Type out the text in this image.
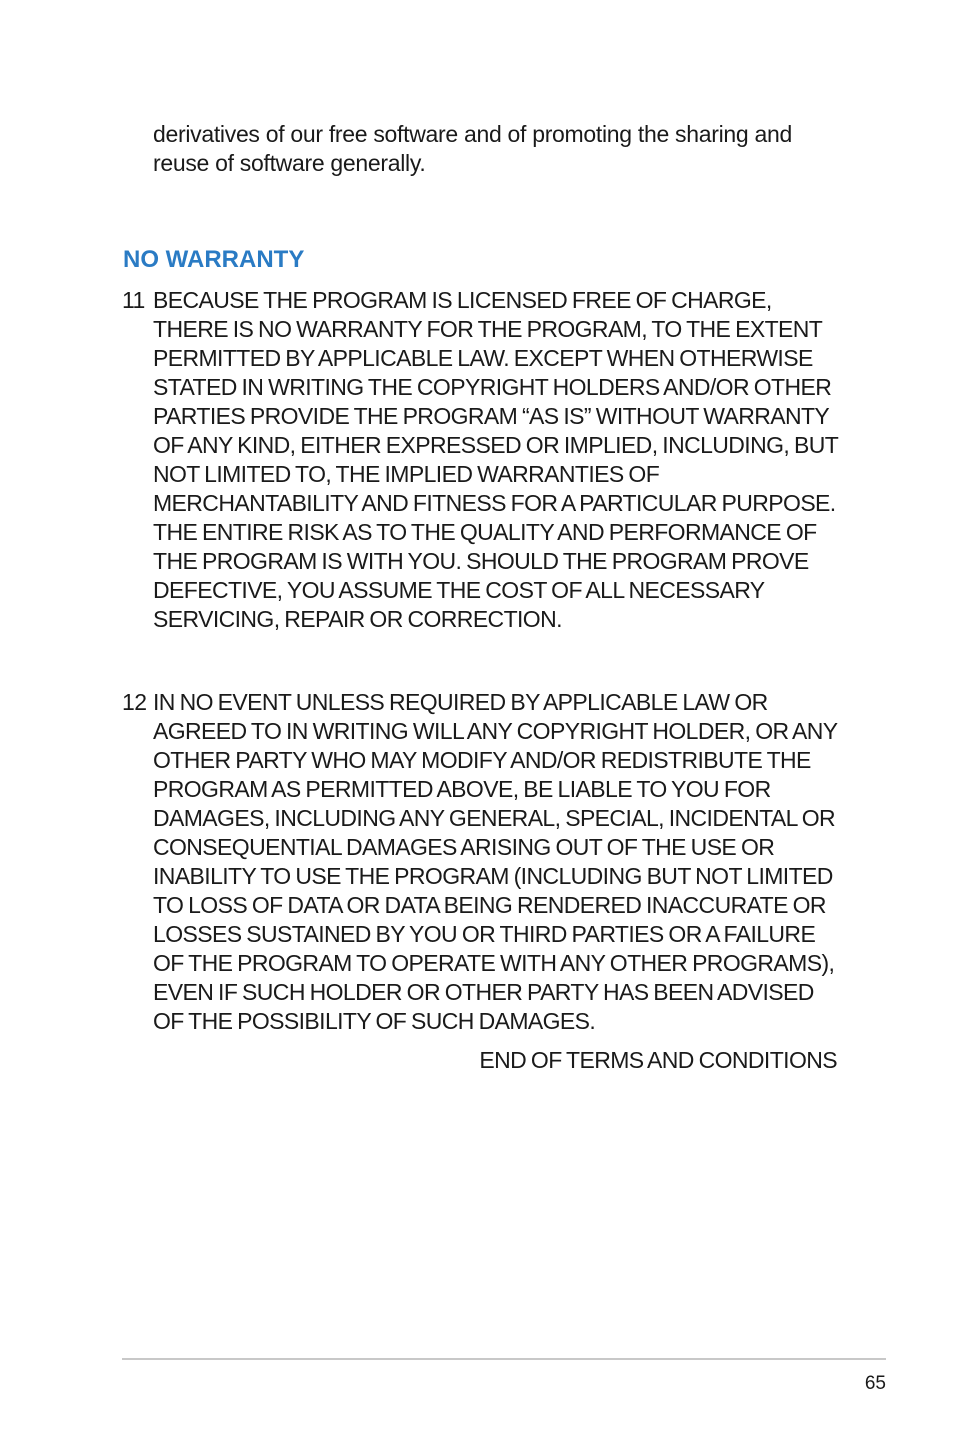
derivatives of our free software and of promoting the sharing and reuse of software generally.

NO WARRANTY
11 BECAUSE THE PROGRAM IS LICENSED FREE OF CHARGE, THERE IS NO WARRANTY FOR THE PROGRAM, TO THE EXTENT PERMITTED BY APPLICABLE LAW. EXCEPT WHEN OTHERWISE STATED IN WRITING THE COPYRIGHT HOLDERS AND/OR OTHER PARTIES PROVIDE THE PROGRAM “AS IS” WITHOUT WARRANTY OF ANY KIND, EITHER EXPRESSED OR IMPLIED, INCLUDING, BUT NOT LIMITED TO, THE IMPLIED WARRANTIES OF MERCHANTABILITY AND FITNESS FOR A PARTICULAR PURPOSE. THE ENTIRE RISK AS TO THE QUALITY AND PERFORMANCE OF THE PROGRAM IS WITH YOU. SHOULD THE PROGRAM PROVE DEFECTIVE, YOU ASSUME THE COST OF ALL NECESSARY SERVICING, REPAIR OR CORRECTION.
12 IN NO EVENT UNLESS REQUIRED BY APPLICABLE LAW OR AGREED TO IN WRITING WILL ANY COPYRIGHT HOLDER, OR ANY OTHER PARTY WHO MAY MODIFY AND/OR REDISTRIBUTE THE PROGRAM AS PERMITTED ABOVE, BE LIABLE TO YOU FOR DAMAGES, INCLUDING ANY GENERAL, SPECIAL, INCIDENTAL OR CONSEQUENTIAL DAMAGES ARISING OUT OF THE USE OR INABILITY TO USE THE PROGRAM (INCLUDING BUT NOT LIMITED TO LOSS OF DATA OR DATA BEING RENDERED INACCURATE OR LOSSES SUSTAINED BY YOU OR THIRD PARTIES OR A FAILURE OF THE PROGRAM TO OPERATE WITH ANY OTHER PROGRAMS), EVEN IF SUCH HOLDER OR OTHER PARTY HAS BEEN ADVISED OF THE POSSIBILITY OF SUCH DAMAGES.

END OF TERMS AND CONDITIONS

65
